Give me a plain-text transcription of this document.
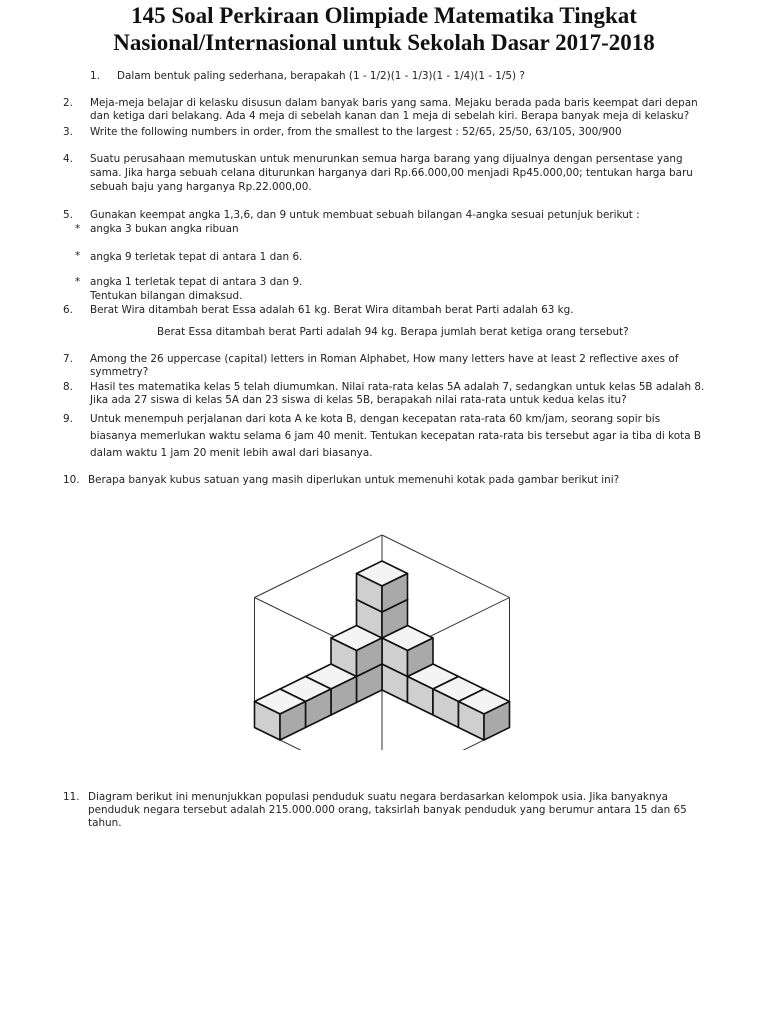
145 Soal Perkiraan Olimpiade Matematika Tingkat
Nasional/Internasional untuk Sekolah Dasar 2017-2018
1. Dalam bentuk paling sederhana, berapakah (1 - 1/2)(1 - 1/3)(1 - 1/4)(1 - 1/5) ?
2. Meja-meja belajar di kelasku disusun dalam banyak baris yang sama. Mejaku berada pada baris keempat dari depan
dan ketiga dari belakang. Ada 4 meja di sebelah kanan dan 1 meja di sebelah kiri. Berapa banyak meja di kelasku?
3. Write the following numbers in order, from the smallest to the largest : 52/65, 25/50, 63/105, 300/900
4. Suatu perusahaan memutuskan untuk menurunkan semua harga barang yang dijualnya dengan persentase yang
sama. Jika harga sebuah celana diturunkan harganya dari Rp.66.000,00 menjadi Rp45.000,00; tentukan harga baru
sebuah baju yang harganya Rp.22.000,00.
5. Gunakan keempat angka 1,3,6, dan 9 untuk membuat sebuah bilangan 4-angka sesuai petunjuk berikut :
* angka 3 bukan angka ribuan
* angka 9 terletak tepat di antara 1 dan 6.
* angka 1 terletak tepat di antara 3 dan 9.
Tentukan bilangan dimaksud.
6. Berat Wira ditambah berat Essa adalah 61 kg. Berat Wira ditambah berat Parti adalah 63 kg.
Berat Essa ditambah berat Parti adalah 94 kg. Berapa jumlah berat ketiga orang tersebut?
7. Among the 26 uppercase (capital) letters in Roman Alphabet, How many letters have at least 2 reflective axes of
symmetry?
8. Hasil tes matematika kelas 5 telah diumumkan. Nilai rata-rata kelas 5A adalah 7, sedangkan untuk kelas 5B adalah 8.
Jika ada 27 siswa di kelas 5A dan 23 siswa di kelas 5B, berapakah nilai rata-rata untuk kedua kelas itu?
9. Untuk menempuh perjalanan dari kota A ke kota B, dengan kecepatan rata-rata 60 km/jam, seorang sopir bis
biasanya memerlukan waktu selama 6 jam 40 menit. Tentukan kecepatan rata-rata bis tersebut agar ia tiba di kota B
dalam waktu 1 jam 20 menit lebih awal dari biasanya.
10. Berapa banyak kubus satuan yang masih diperlukan untuk memenuhi kotak pada gambar berikut ini?
11. Diagram berikut ini menunjukkan populasi penduduk suatu negara berdasarkan kelompok usia. Jika banyaknya
penduduk negara tersebut adalah 215.000.000 orang, taksirlah banyak penduduk yang berumur antara 15 dan 65
tahun.
